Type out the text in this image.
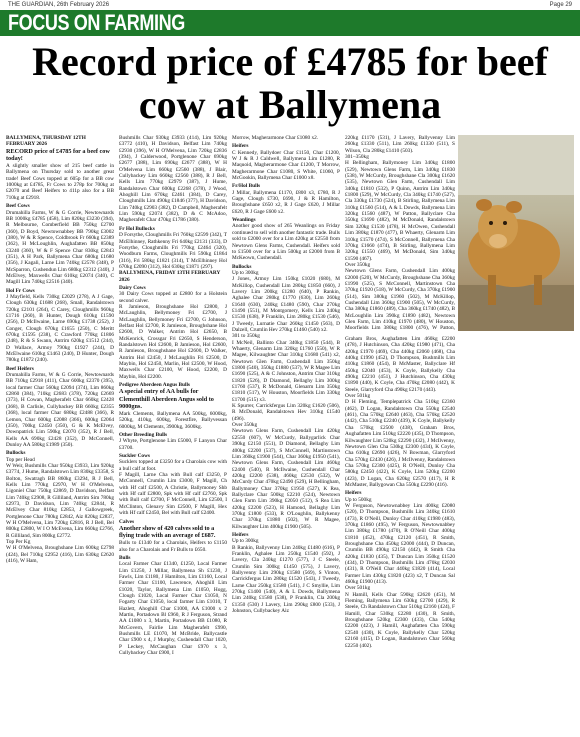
THE GUARDIAN, 26th February 2026	Page 29
FOCUS ON FARMING
Record price of £4785 for beef cow at Ballymena

BALLYMENA, THURSDAY 12TH FEBRUARY 2026

RECORD price of £4785 for a beef cow today!

A slightly smaller show of 215 beef cattle in Ballymena on Thursday sold to another great trade! Beef Cows topped at 605p for a BB cow 1000kg at £4785, Fr Cows to 278p for 700kg at £2070 and Beef Heifers to 411p also for a BB 710kg at £2918.

Beef Cows

Drumahilla Farms, W & G Corrie, Newtownards BB 1000kg £4785 (458), Lim 820kg £3230 (394), R Melbourne, Comberfield BB 750kg £2700 (360), D Boyd, Newtownabbey BB 790kg £3002 (380), W & R Spence, Coldbrook Fr 660kg £2389 (362), H McLoughlin, Aughafatten BB 850kg £3240 (360), W & F Spence Char 830kg £2843 (351), A H Park, Ballymena Char 680kg £1680 (356), J Kagali, Larne Lim 740kg £2578 (348), P McSparron, Cushendun Lim 680kg £2312 (340), J McElvey, Maxwells Char 610kg £2074 (340), C Magill Lim 740kg £2516 (340).

Hol Fr Cows

J Mayfield, Kells 730kg £2029 (278), A J Gage, Clough 630kg £1688 (268), Small, Randalstown 720kg £2101 (264), C Carey, Cloughmills 960kg £1716 (260), B Hunter, Dough 610kg £1590 (256), D McIlwaine, Larne 690kg £1738 (252), J Conger, Clough 670kg £1655 (250), C Meritt 670kg £1595 (238), C Crawford 770kg £1806 (248), R & S Swann, Antrim 620kg £1512 (244), D Wallace, Armoy 790kg £1927 (244), D McElwaine 610kg £1463 (240), D Hunter, Dough 780kg £1872 (240).

Beef Heifers

Drumahilla Farms, W & G Corrie, Newtownards BB 710kg £2918 (411), Char 600kg £2370 (395), local farmer Char 560kg £2094 (374), Lim 860kg £2860 (384), 710kg £2683 (378), 720kg £2669 (373), H Cowan, Magherafelt Char 660kg £2428 (368), B Carlisle, Cullybackey BB 660kg £2355 (368), local farmer Char 680kg £2488 (366), R Lemon, Char 600kg £2088 (366), 600kg £2064 (350), 700kg £2450 (350), G & K McElvey, Downpatrick Lim 590kg £2070 (352), R J Bell, Kells AA 690kg £2428 (352), D McConnell, Dunloy AA 580kg £1989 (350).

Bullocks

Top per Head

W Weir, Bushmills Char 950kg £3933, Lim 920kg £3774, J Hume, Randalstown Lim 830kg £3358, S Bolton, Swatragh BB 860kg £3294, R J Bell, Kells Lim 770kg £2970, W H O'Melvena, Ligoniel Char 750kg £2869, D Davidson, Belfast Lim 740kg £2908, R Gilliland, Antrim Sim 780kg £2973, D Davidson, Lim 740kg £2844, R McElvey Char 810kg £2853, J Gallowgreek, Portglenone Char 780kg £2842, Aiz 820kg £2837, W H O'Melvena, Lim 720kg £2816, R J Bell, Bel 800kg £2800, W I O McEvena, Lim 660kg £2766, R Gilliland, Sim 800kg £2772.

Top Per Kg

W H O'Melvena, Broughshane Lim 600kg £2798 (424), Bel 710kg £2952 (416), Lim 630kg £2620 (416), W Ham,

Bushmills Char 930kg £3933 (414), Lim 920kg £3772 (410), H Davidson, Belfast Lim 740kg £2930 (396), W H O'Melvena, Lim 720kg £2836 (394), J Calderwood, Portglenone Char 690kg £2677 (388), Lim 690kg £2677 (388), W H O'Melvena Lim 660kg £2560 (388), J Blair, Cullybackey Lim 660kg £2560 (388), R J Bell, Kells Lim 770kg £2979 (387), J Hume, Randalstown Char 600kg £2268 (378), J Wood, Ahoghill Lim 670kg £2461 (384), D Carey, Cloughmills Lim 490kg £1846 (377), H Davidson, Lim 740kg £2903 (382), D Campbell, Magherafelt Lim 590kg £2074 (382), D & C McAdoo, Magherafelt Char 470kg £1786 (380).

Fr Hol Bullocks

D Forsythe, Cloughmills Fri 760kg £2599 (342), T McElhinney, Rathkenny Fri 640kg £2131 (333), D Forsythe, Cloughmills Fri 770kg £2464 (320), Woodburn Farms, Cloughmills Fri 590kg £1864 (316), Fri 580kg £1821 (314), T McElhinney Hol 670kg £2090 (312), Hol 630kg £1871 (297).

BALLYMENA, FRIDAY 13TH FEBRUARY 2026

Dairy Cows

30 Dairy Cows topped at £2800 for a Holstein second calver.

R Jamieson, Broughshane Hol £2800, J McLaughlin, Bellymoney Fri £2700, J McLaughlin, Bellymoney Fri £2700, G Johnson, Belfast Hol £2700, R Jamieson, Broughshane Hol £2600, D Walker, Antrim Hol £2650, B McKenrick, Crossgar Fri £2650, S Henderson, Randalstown Hol £2600, B Jamieson, Hol £2600, R Jamieson, Broughshane Hol £2600, D Walker, Antrim Hol £2450, J McLaughlin Fri £2500, D Maybin, Hol £2450, Marlin, Hol £2500, W Hood, Maxwells Char £2100, W Hood, £2200, D Maybin, Hol £2200.

Pedigree Aberdeen Angus Bulls

A special entry of AA bulls for Clementhill Aberdeen Angus sold to 9000gns.

Mark Clements, Ballymena AA 500kg, 6000kg, 520kg, 410kg, 600kg, Forestfire, Ballyvessan 6000kg, M Clements, 3900kg, 3600kg.

Other Breeding Bulls

J Whyte, Portglenone Lim £5000, F Lanyon Char £3700.

Suckler Cows

Sucklers topped at £3250 for a Charolais cow with a bull calf at foot.

F Magill, Larne Cha with Bull calf £3250, P McConnell, Crumlin Lim £3000, F Magill, Ch with Hf calf £2500, A Christie, Ballymoney Shb with Hf calf £2800, Spk with Hf calf £2760, Spk with Bull calf £2700, F McConnell, Lim £2500, I McClinton, Glenavy Sim £2500, F Magill, Hex with Hf calf £2450, Bel with Bull calf £2400.

Calves

Another show of 420 calves sold to a flying trade with an average of £687.

Bulls to £1340 for a Charolais, Heifers to £1150 also for a Charolais and Fr Bulls to £650.

Bulls

Local Farmer Char £1340, £1250, Local Farmer Lim £1250, J Millar, Ballymena Sh £1230, J Fawls, Lim £1180, J Hamilton, Lim £1160, Local Farmer Char £1100, Lawrence, Ahoghill Lim £1020, Taylor, Ballymena Lim £1050, Hogg, Clough £1020, Local Farmer Char £1050, N Fogarty Char £1050, local farmer Lim £1010, T Hazlett, Ahoghill Char £1000, AA £1000 x 2 Martin, Portadown Bl £960, R J Ferguson, Strand AA £1080 x 3, Martin, Portadown BB £1080, R McGovern, Fairlie Lim Magherafelt £990, Bushmills LE £1070, M McBride, Ballycastle Char £900 x 4, J Murphy, Cushendall Char 1020, P Leckey, McCaughan Char £970 x 3, Cullybackey Char £900, I

Morrow, Magherarmone Char £1080 x2.

Heifers

C Kennedy, Ballydoer Char £1150, Char £1200, W J & R J Caldwell, Ballymena Lim £1280, R Maquoid, Magherarmone Char £1200, T Morrow, Magherarmone Char £1080, S White, £1060, P McGookin, Ballymena Char £1000 x8.

Fr/Hol Bulls

J Millar, Ballymena £1170, £800 x3, £780, R J Gage, Clough £730, £690, J & R Hamilton, Broughshane £650 x2, R J Gage £620, J Millar £620, R J Gage £600 x2.

Weanlings

Another good show of 265 Weanlings on Friday continued to sell with another fantastic trade. Bulls sold to £2000 over for a Lim 420kg at £2550 from Newtown Glens Farms, Cushendall. Heifers sold to £1500 over for a Lim 500kg at £2000 from B McKeown, Cushendall.

Bullocks

Up to 300kg

J Jones, Armoy Lim 150kg £1020 (680), M McKillop, Cushendall Lim 280kg £1850 (660), J Lavery Lim 200kg £1280 (640), P Rankin, Aghalee Char 280kg £1770 (630), Lim 260kg £1640 (630), 240kg £1480 (590), Char 270kg £1490 (551), M Montgomery, Kells Lim 240kg £1530 (638), P Franklin, Lim 280kg £1530 (546), J Tweedy, Lurnatie Char 260kg £1450 (563), D Dalzell, Crumlin Hev 270kg £1460 (540) x2.

301 to 350kg

I McNeil, Ballinto Char 340kg £1850 (544), B Whaerty, Glenarm Lim 320kg £1760 (550), W R Magee, Kilwaughter Char 310kg £1680 (541) x2, Newtown Glen Farm, Cushendall Lim 350kg £1800 (540), 350kg £1880 (537), W R Magee Lim £1690 (525), A & C Johnston, Antrim Char 310kg £1820 (526), D Diamond, Bellaghy Lim 300kg £1760 (537), R McDonald, Glenarm Lim 350kg £1810 (517), W Houston, Moorfields Lim 330kg £1700 (515) x3.

K Spurrer, Carrickfergus Lim 320kg £1620 (506), R McDonald, Randalstown Hev 310kg £1540 (496).

Over 350kg

Newtown Glens Farm, Cushendall Lim 420kg £2550 (607), W McCurdy, Ballygarlick Char 390kg £2150 (551), D Diamond, Bellaghy Lim 400kg £2200 (537), S McConnell, Martinstown Lim 360kg £1900 (544), Char 360kg £1950 (541), Newtown Glens Farm, Cushendall Lim 460kg £2400 (540), R McIlwaine, Cushendall Char 420kg £2200 (538), 460kg £2530 (532), W McCurdy Char 470kg £2490 (529), H Bellingham, Ballymoney Char 370kg £1950 (527), K Rea, Ballyclare Char 500kg £2210 (524), Newtown Glen Farm Lim 390kg £2050 (512), S Rea Lim 420kg £2200 (523), H Hamond, Bellaghy Lim 370kg £1800 (533), R O'Loughlin, Ballykenny Char 370kg £1880 (502), W R Magee, Kilwaughter Lim 400kg £1900 (505).

Heifers

Up to 300kg

B Rankin, Ballyvenny Lim 240kg £1480 (616), P Franklin, Aghalee Lim 250kg £1540 (592), J Lavery, Cla 240kg £1270 (577), J C Steele, Crumlin Sim 300kg £1450 (575), J Lavery, Ballyvenny Lim 290kg £1580 (569), S Vinton, Carrickfergus Lim 280kg £1520 (543), J Tweedy, Larne Char 250kg £1580 (541), J C Smyllie, Lim 270kg £1400 (540), A & L Dowds, Ballymena Lim 240kg £1580 (538), P Franklin, Cla 200kg £1350 (530) J Lavery, Lim 290kg £800 (533), J Johnston, Cullybackey Aiz

220kg £1170 (531), J Lavery, Ballyvenny Lim 260kg £1330 (511), Lim 260kg £1330 (511), S Wilson, Cla 280kg £1410 (503).

301–350kg

H Bellingham, Ballymoney Lim 340kg £1800 (529), Newtown Glens Farm, Lim 340kg £1830 (538), W McCurdy, Broughshane Cla 300kg £1620 (535), Newtown Glen Farm, Cushendall Lim 340kg £1810 (532), P Quinn, Antrim Lim 340kg £1800 (529), W McCurdy, Cla 340kg £1740 (527), Cla 330kg £1730 (524), B Stirling, Ballymena Lim 310kg £1560 (514), A & L Dowds, Ballymena Lim 320kg £1560 (487), W Patton, Ballyclare Cha 350kg £1690 (482), M McDonald, Randalstown Sim 320kg £1530 (478), H McOwen, Cushendall Lim 380kg £1870 (477), B Whaerty, Glenarm Lim 310kg £1570 (474), S McConnell, Ballymena Cha 370kg £1660 (474), B Stirling, Ballymena Lim 320kg £1550 (469), M McDonald, Sim 340kg £1590 (467).

Over 350kg

Newtown Glens Farm, Cushendall Lim 400kg £2000 (520), W McCurdy, Broughshane Cha 360kg £1990 (525), S McConnell, Martinstown Cha 370kg £1920 (518), W McCurdy, Cha 370kg £1900 (514), Sim 380kg £1960 (502), M McKillop, Cushendall Lim 360kg £1900 (505), W McCurdy, Cha 380kg £1860 (489), Cha 360kg £1740 (482), B McLoughlin Lim 390kg £1890 (482), Newtown Glen Farm, Lim 410kg £1970 (480), W Houston, Moorfields Lim 380kg £1800 (476), W Patton,

Graham Bros, Aughafatten Lim 460kg £2200 (478), J Hutchinson, Cha 420kg £1980 (471), Cha 420kg £1970 (469), Cha 440kg £2060 (468), Cha 440kg £1990 (452), D Thompson, Bushmills Lim 410kg £1860 (454), B McMaster, Ballyclare Hf 450kg £2040 (453), K Coyle, Ballykelly Cha 490kg £2210 (451), J Hutchinson, Cha 430kg £1890 (440), K Coyle, Cha 470kg £2080 (442), K Steele, Glarryford Cha 490kg £2170 (443).

Over 501kg

D H Fleming, Templepatrick Cha 510kg £2360 (462), D Logan, Randalstown Cha 550kg £2540 (461), Cha 570kg £2640 (463), Cha 570kg £2520 (442), Cha 510kg £2240 (439), K Coyle, Ballykelly Cha 570kg £2500 (438), Graham Bros, Aughafatten Lim 510kg £2220 (435), D Thompson, Kilwaughter Lim 520kg £2290 (432), J McIlvenny, Newtown Glen Cha 530kg £2300 (434), K Coyle, Cha 610kg £2690 (426), N Bowman, Glarryford Cha 570kg £2430 (426), J McIlvenny, Randalstown Cha 570kg £2300 (425), R O'Neill, Dunloy Cha 580kg £2450 (422), K Coyle, Lim 520kg £2200 (423), D Logan, Cha 620kg £2570 (417), H R McMaster, Ballygowan Cha 550kg £2290 (416).

Heifers

Up to 500kg

W Ferguson, Newtownabbey Lim 400kg £2080 (520), D Thompson, Bushmills Lim 340kg £1610 (473), R O'Neill, Dunloy Char 410kg £1980 (483), 370kg £1860 (495), W Ferguson, Newtownabbey Lim 380kg £1780 (470), R O'Neill Char 400kg £1810 (452), 470kg £2120 (451), R Smith, Broughshane Cha 450kg £2000 (444), D Duncan, Crumlin BB 490kg £2150 (442), R Smith Cha 420kg £1830 (435), T Duncan Lim 350kg £1520 (434), D Thompson, Bushmills Lim 470kg £2030 (431), R O'Neill Char 440kg £1820 (414), Local Farmer Lim 430kg £1820 (423) x2, T Duncan Sal 460kg £1900 (413).

Over 501kg

N Hamill, Kells Char 590kg £2620 (451), M Fleming, Ballymena Lim 630kg £2700 (429), R Steele, Ch Randalstown Char 510kg £2160 (424), F Hamill, Char 530kg £2280 (430), R Smith, Broughshane 520kg £2300 (433), Cha 540kg £2200 (423), J Hamill, Aughafatten Cha 590kg £2540 (430), K Coyle, Ballykelly Char 520kg £2160 (415), D Logan, Randalstown Char 560kg £2250 (402).
